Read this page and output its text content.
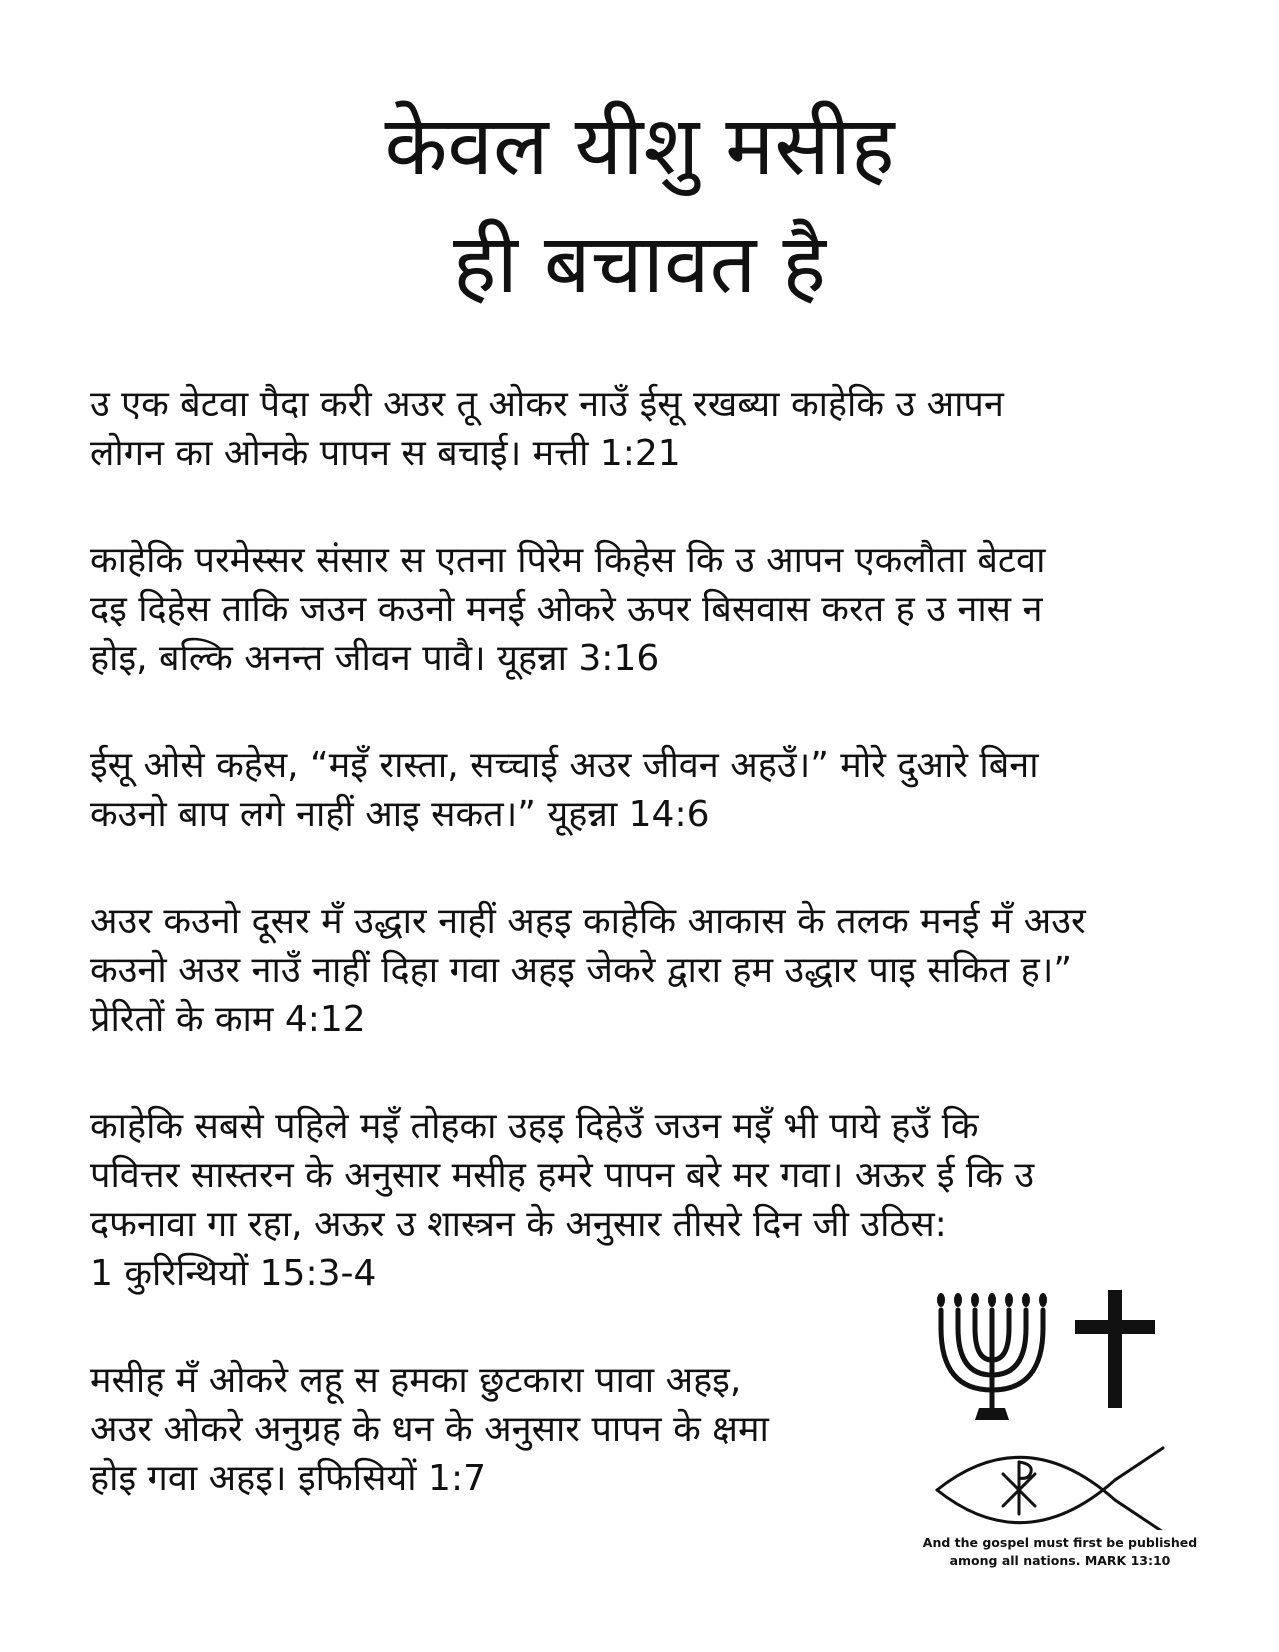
केवल यीशु मसीह
ही बचावत है
उ एक बेटवा पैदा करी अउर तू ओकर नाउँ ईसू रखब्या काहेकि उ आपन
लोगन का ओनके पापन स बचाई। मत्ती 1:21
काहेकि परमेस्सर संसार स एतना पिरेम किहेस कि उ आपन एकलौता बेटवा
दइ दिहेस ताकि जउन कउनो मनई ओकरे ऊपर बिसवास करत ह उ नास न
होइ, बल्कि अनन्त जीवन पावै। यूहन्ना 3:16
ईसू ओसे कहेस, “मइँ रास्ता, सच्चाई अउर जीवन अहउँ।” मोरे दुआरे बिना
कउनो बाप लगे नाहीं आइ सकत।” यूहन्ना 14:6
अउर कउनो दूसर मँ उद्धार नाहीं अहइ काहेकि आकास के तलक मनई मँ अउर
कउनो अउर नाउँ नाहीं दिहा गवा अहइ जेकरे द्वारा हम उद्धार पाइ सकित ह।”
प्रेरितों के काम 4:12
काहेकि सबसे पहिले मइँ तोहका उहइ दिहेउँ जउन मइँ भी पाये हउँ कि
पवित्तर सास्तरन के अनुसार मसीह हमरे पापन बरे मर गवा। अऊर ई कि उ
दफनावा गा रहा, अऊर उ शास्त्रन के अनुसार तीसरे दिन जी उठिस:
1 कुरिन्थियों 15:3-4
मसीह मँ ओकरे लहू स हमका छुटकारा पावा अहइ,
अउर ओकरे अनुग्रह के धन के अनुसार पापन के क्षमा
होइ गवा अहइ। इफिसियों 1:7
And the gospel must first be published
among all nations. MARK 13:10
